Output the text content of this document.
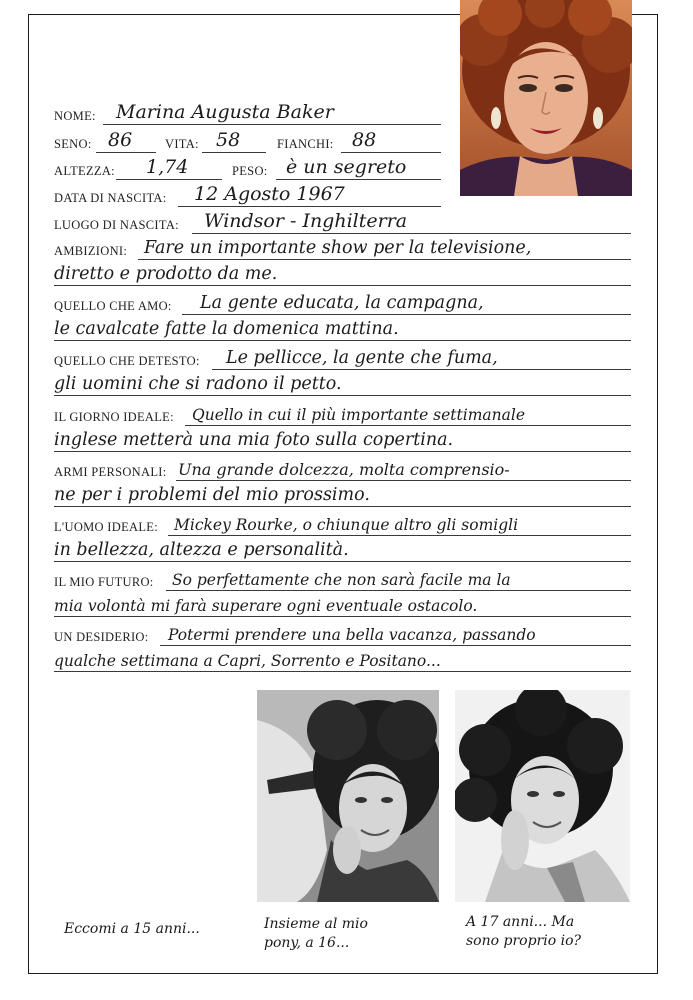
NOME: Marina Augusta Baker
SENO: 86	VITA: 58	FIANCHI: 88
ALTEZZA: 1,74	PESO: è un segreto
DATA DI NASCITA: 12 Agosto 1967
LUOGO DI NASCITA: Windsor - Inghilterra
AMBIZIONI: Fare un importante show per la televisione,
diretto e prodotto da me.
QUELLO CHE AMO: La gente educata, la campagna,
le cavalcate fatte la domenica mattina.
QUELLO CHE DETESTO: Le pellicce, la gente che fuma,
gli uomini che si radono il petto.
IL GIORNO IDEALE: Quello in cui il più importante settimanale
inglese metterà una mia foto sulla copertina.
ARMI PERSONALI: Una grande dolcezza, molta comprensio-
ne per i problemi del mio prossimo.
L'UOMO IDEALE: Mickey Rourke, o chiunque altro gli somigli
in bellezza, altezza e personalità.
IL MIO FUTURO: So perfettamente che non sarà facile ma la
mia volontà mi farà superare ogni eventuale ostacolo.
UN DESIDERIO: Potermi prendere una bella vacanza, passando
qualche settimana a Capri, Sorrento e Positano...
Eccomi a 15 anni...	Insieme al mio
pony, a 16...
A 17 anni... Ma
sono proprio io?
